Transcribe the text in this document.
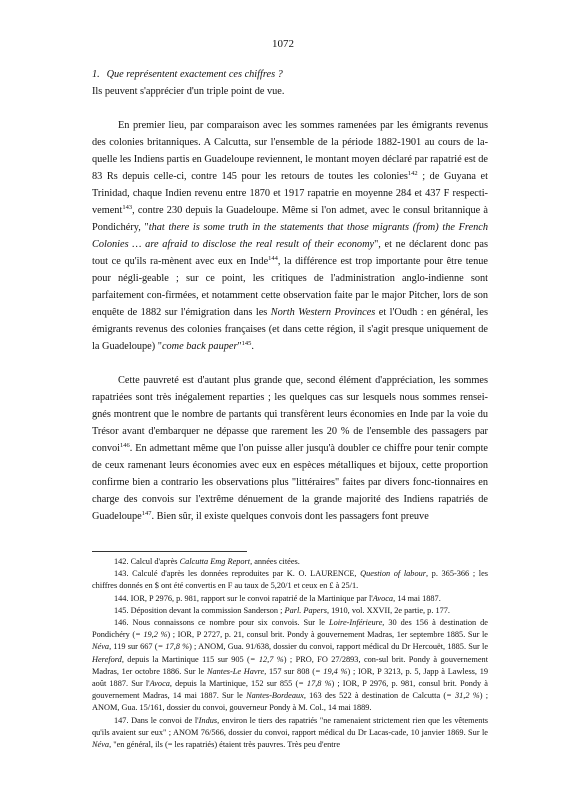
1072

1. Que représentent exactement ces chiffres ?

Ils peuvent s'apprécier d'un triple point de vue.

En premier lieu, par comparaison avec les sommes ramenées par les émigrants revenus des colonies britanniques. A Calcutta, sur l'ensemble de la période 1882-1901 au cours de la-quelle les Indiens partis en Guadeloupe reviennent, le montant moyen déclaré par rapatrié est de 83 Rs depuis celle-ci, contre 145 pour les retours de toutes les colonies$^{142}$ ; de Guyana et Trinidad, chaque Indien revenu entre 1870 et 1917 rapatrie en moyenne 284 et 437 F respecti-vement$^{143}$, contre 230 depuis la Guadeloupe. Même si l'on admet, avec le consul britannique à Pondichéry, "that there is some truth in the statements that those migrants (from) the French Colonies … are afraid to disclose the real result of their economy", et ne déclarent donc pas tout ce qu'ils ra-mènent avec eux en Inde$^{144}$, la différence est trop importante pour être tenue pour négli-geable ; sur ce point, les critiques de l'administration anglo-indienne sont parfaitement con-firmées, et notamment cette observation faite par le major Pitcher, lors de son enquête de 1882 sur l'émigration dans les North Western Provinces et l'Oudh : en général, les émigrants revenus des colonies françaises (et dans cette région, il s'agit presque uniquement de la Guadeloupe) "come back pauper"$^{145}$.

Cette pauvreté est d'autant plus grande que, second élément d'appréciation, les sommes rapatriées sont très inégalement reparties ; les quelques cas sur lesquels nous sommes rensei-gnés montrent que le nombre de partants qui transfèrent leurs économies en Inde par la voie du Trésor avant d'embarquer ne dépasse que rarement les 20 % de l'ensemble des passagers par convoi$^{146}$. En admettant même que l'on puisse aller jusqu'à doubler ce chiffre pour tenir compte de ceux ramenant leurs économies avec eux en espèces métalliques et bijoux, cette proportion confirme bien a contrario les observations plus "littéraires" faites par divers fonc-tionnaires en charge des convois sur l'extrême dénuement de la grande majorité des Indiens rapatriés de Guadeloupe$^{147}$. Bien sûr, il existe quelques convois dont les passagers font preuve

142. Calcul d'après Calcutta Emg Report, années citées.

143. Calculé d'après les données reproduites par K. O. LAURENCE, Question of labour, p. 365-366 ; les chiffres donnés en $ ont été convertis en F au taux de 5,20/1 et ceux en £ à 25/1.

144. IOR, P 2976, p. 981, rapport sur le convoi rapatrié de la Martinique par l'Avoca, 14 mai 1887.

145. Déposition devant la commission Sanderson ; Parl. Papers, 1910, vol. XXVII, 2e partie, p. 177.

146. Nous connaissons ce nombre pour six convois. Sur le Loire-Inférieure, 30 des 156 à destination de Pondichéry (= 19,2 %) ; IOR, P 2727, p. 21, consul brit. Pondy à gouvernement Madras, 1er septembre 1885. Sur le Néva, 119 sur 667 (= 17,8 %) ; ANOM, Gua. 91/638, dossier du convoi, rapport médical du Dr Hercouët, 1885. Sur le Hereford, depuis la Martinique 115 sur 905 (= 12,7 %) ; PRO, FO 27/2893, con-sul brit. Pondy à gouvernement Madras, 1er octobre 1886. Sur le Nantes-Le Havre, 157 sur 808 (= 19,4 %) ; IOR, P 3213, p. 5, Japp à Lawless, 19 août 1887. Sur l'Avoca, depuis la Martinique, 152 sur 855 (= 17,8 %) ; IOR, P 2976, p. 981, consul brit. Pondy à gouvernement Madras, 14 mai 1887. Sur le Nantes-Bordeaux, 163 des 522 à destination de Calcutta (= 31,2 %) ; ANOM, Gua. 15/161, dossier du convoi, gouverneur Pondy à M. Col., 14 mai 1889.

147. Dans le convoi de l'Indus, environ le tiers des rapatriés "ne ramenaient strictement rien que les vêtements qu'ils avaient sur eux" ; ANOM 76/566, dossier du convoi, rapport médical du Dr Lacas-cade, 10 janvier 1869. Sur le Néva, "en général, ils (= les rapatriés) étaient très pauvres. Très peu d'entre
